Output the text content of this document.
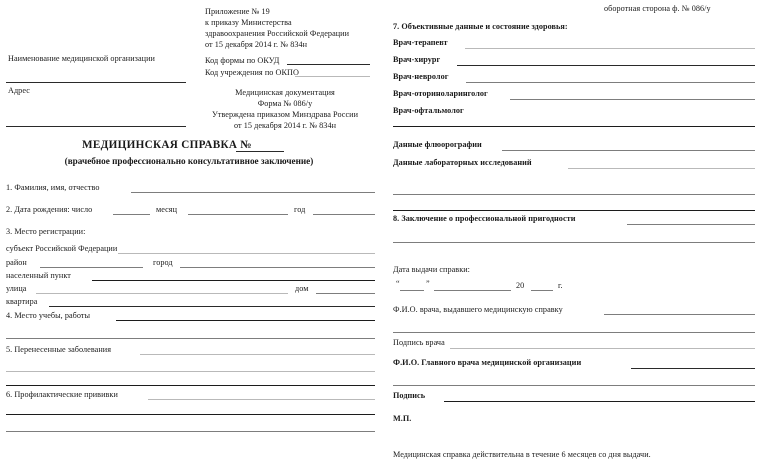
оборотная сторона ф. № 086/у
Приложение № 19
к приказу Министерства
здравоохранения Российской Федерации
от 15 декабря 2014 г. № 834н
Наименование медицинской организации
Адрес
Код формы по ОКУД
Код учреждения по ОКПО
Медицинская документация
Форма № 086/у
Утверждена приказом Минздрава России
от 15 декабря 2014 г. № 834н
МЕДИЦИНСКАЯ СПРАВКА №
(врачебное профессионально консультативное заключение)
1. Фамилия, имя, отчество
2. Дата рождения: число	месяц	год
3. Место регистрации:
субъект Российской Федерации
район	город
населенный пункт
улица	дом
квартира
4. Место учебы, работы
5. Перенесенные заболевания
6. Профилактические прививки
7. Объективные данные и состояние здоровья:
Врач-терапевт
Врач-хирург
Врач-невролог
Врач-оториноларинголог
Врач-офтальмолог
Данные флюорографии
Данные лабораторных исследований
8. Заключение о профессиональной пригодности
Дата выдачи справки:
“	”	20	г.
Ф.И.О. врача, выдавшего медицинскую справку
Подпись врача
Ф.И.О. Главного врача медицинской организации
Подпись
М.П.
Медицинская справка действительна в течение 6 месяцев со дня выдачи.
